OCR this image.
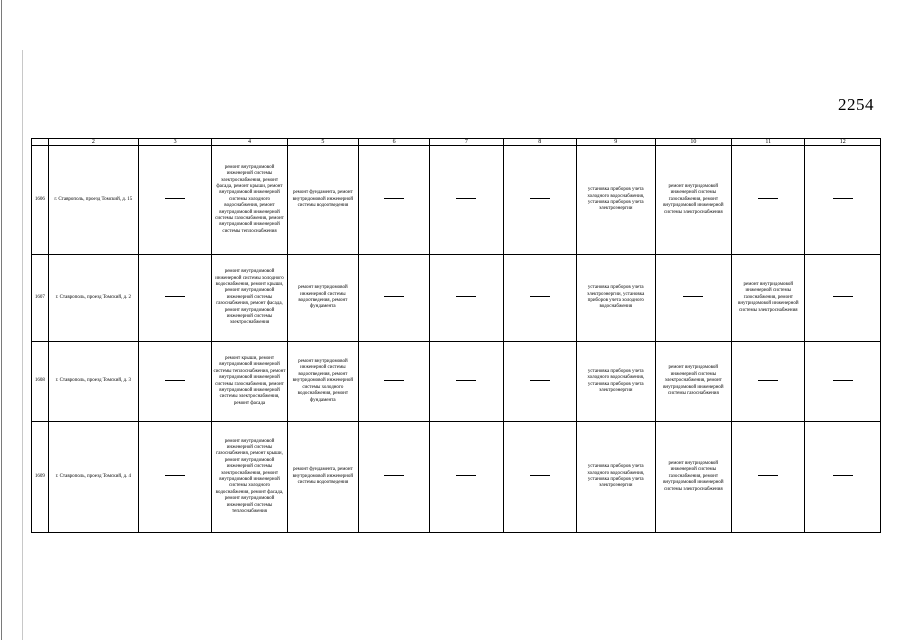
2254
	2	3	4	5	6	7	8	9	10	11	12
1606	г. Ставрополь, проезд Томский, д. 15		ремонт внутридомовой инженерной системы электроснабжения, ремонт фасада, ремонт крыши, ремонт внутридомовой инженерной системы холодного водоснабжения, ремонт внутридомовой инженерной системы газоснабжения, ремонт внутридомовой инженерной системы теплоснабжения	ремонт фундамента, ремонт внутридомовой инженерной системы водоотведения				установка приборов учета холодного водоснабжения, установка приборов учета электроэнергии	ремонт внутридомовой инженерной системы газоснабжения, ремонт внутридомовой инженерной системы электроснабжения		
1607	г. Ставрополь, проезд Томский, д. 2		ремонт внутридомовой инженерной системы холодного водоснабжения, ремонт крыши, ремонт внутридомовой инженерной системы газоснабжения, ремонт фасада, ремонт внутридомовой инженерной системы электроснабжения	ремонт внутридомовой инженерной системы водоотведения, ремонт фундамента				установка приборов учета электроэнергии, установка приборов учета холодного водоснабжения		ремонт внутридомовой инженерной системы газоснабжения, ремонт внутридомовой инженерной системы электроснабжения	
1608	г. Ставрополь, проезд Томский, д. 3		ремонт крыши, ремонт внутридомовой инженерной системы теплоснабжения, ремонт внутридомовой инженерной системы газоснабжения, ремонт внутридомовой инженерной системы электроснабжения, ремонт фасада	ремонт внутридомовой инженерной системы водоотведения, ремонт внутридомовой инженерной системы холодного водоснабжения, ремонт фундамента				установка приборов учета холодного водоснабжения, установка приборов учета электроэнергии	ремонт внутридомовой инженерной системы электроснабжения, ремонт внутридомовой инженерной системы газоснабжения		
1609	г. Ставрополь, проезд Томский, д. 4		ремонт внутридомовой инженерной системы газоснабжения, ремонт крыши, ремонт внутридомовой инженерной системы электроснабжения, ремонт внутридомовой инженерной системы холодного водоснабжения, ремонт фасада, ремонт внутридомовой инженерной системы теплоснабжения	ремонт фундамента, ремонт внутридомовой инженерной системы водоотведения				установка приборов учета холодного водоснабжения, установка приборов учета электроэнергии	ремонт внутридомовой инженерной системы газоснабжения, ремонт внутридомовой инженерной системы электроснабжения		
